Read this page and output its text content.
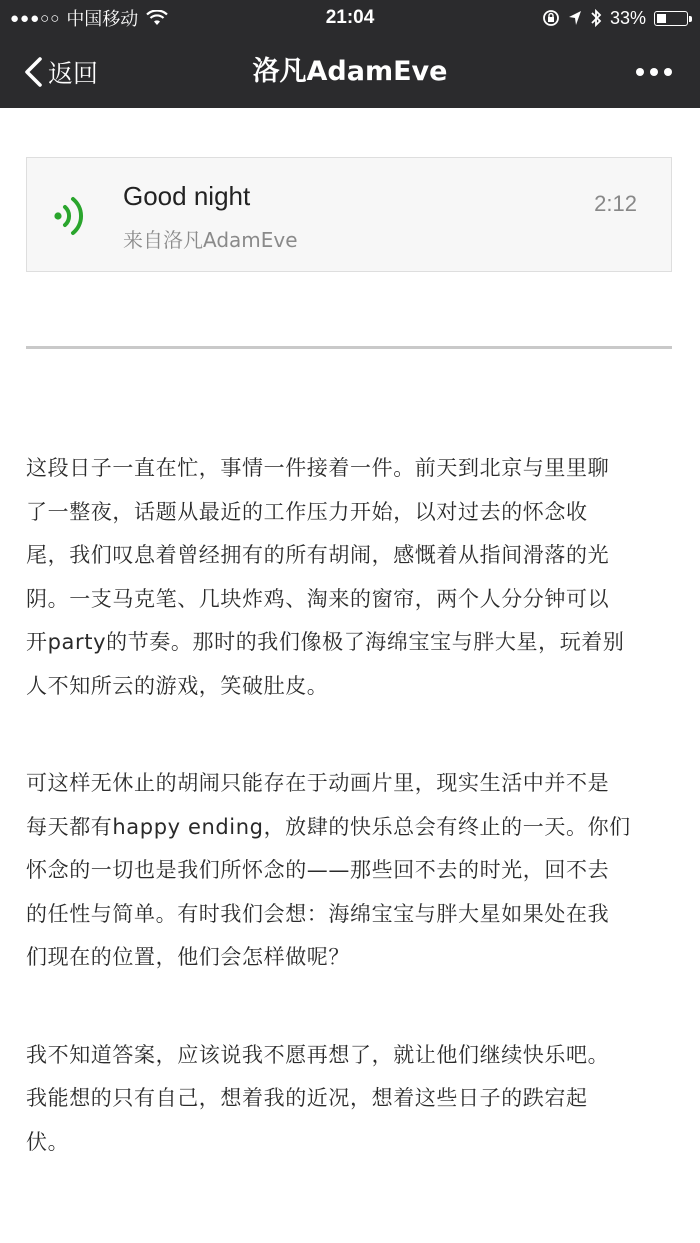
●●●○○ 中国移动	21:04	33%
返回	洛凡AdamEve
Good night
来自洛凡AdamEve
2:12

这段日子一直在忙，事情一件接着一件。前天到北京与里里聊
了一整夜，话题从最近的工作压力开始，以对过去的怀念收
尾，我们叹息着曾经拥有的所有胡闹，感慨着从指间滑落的光
阴。一支马克笔、几块炸鸡、淘来的窗帘，两个人分分钟可以
开party的节奏。那时的我们像极了海绵宝宝与胖大星，玩着别
人不知所云的游戏，笑破肚皮。

可这样无休止的胡闹只能存在于动画片里，现实生活中并不是
每天都有happy ending，放肆的快乐总会有终止的一天。你们
怀念的一切也是我们所怀念的——那些回不去的时光，回不去
的任性与简单。有时我们会想：海绵宝宝与胖大星如果处在我
们现在的位置，他们会怎样做呢？

我不知道答案，应该说我不愿再想了，就让他们继续快乐吧。
我能想的只有自己，想着我的近况，想着这些日子的跌宕起
伏。
